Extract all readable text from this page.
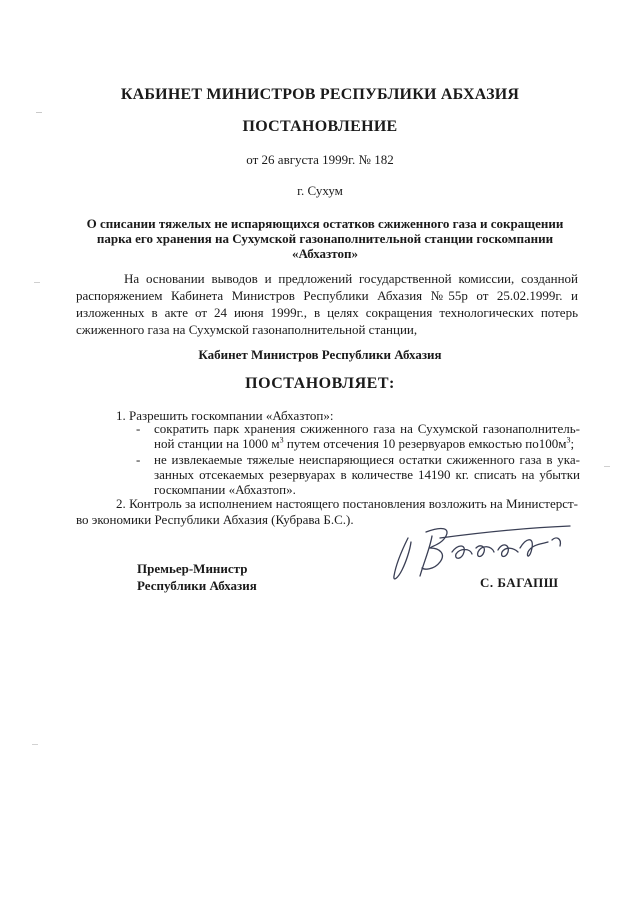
КАБИНЕТ МИНИСТРОВ РЕСПУБЛИКИ АБХАЗИЯ
ПОСТАНОВЛЕНИЕ
от 26 августа 1999г. № 182
г. Сухум
О списании тяжелых не испаряющихся остатков сжиженного газа и сокращении
парка его хранения на Сухумской газонаполнительной станции госкомпании
«Абхазтоп»
На основании выводов и предложений государственной комиссии, созданной
распоряжением Кабинета Министров Республики Абхазия №55р от 25.02.1999г. и
изложенных в акте от 24 июня 1999г., в целях сокращения технологических потерь
сжиженного газа на Сухумской газонаполнительной станции,
Кабинет Министров Республики Абхазия
ПОСТАНОВЛЯЕТ:
1. Разрешить госкомпании «Абхазтоп»:
- сократить парк хранения сжиженного газа на Сухумской газонаполнитель-
ной станции на 1000 $м^3$ путем отсечения 10 резервуаров емкостью $по100м^3$;
- не извлекаемые тяжелые неиспаряющиеся остатки сжиженного газа в ука-
занных отсекаемых резервуарах в количестве 14190 кг. списать на убытки
госкомпании «Абхазтоп».
2. Контроль за исполнением настоящего постановления возложить на Министерст-
во экономики Республики Абхазия (Кубрава Б.С.).
Премьер-Министр
Республики Абхазия	С. БАГАПШ
